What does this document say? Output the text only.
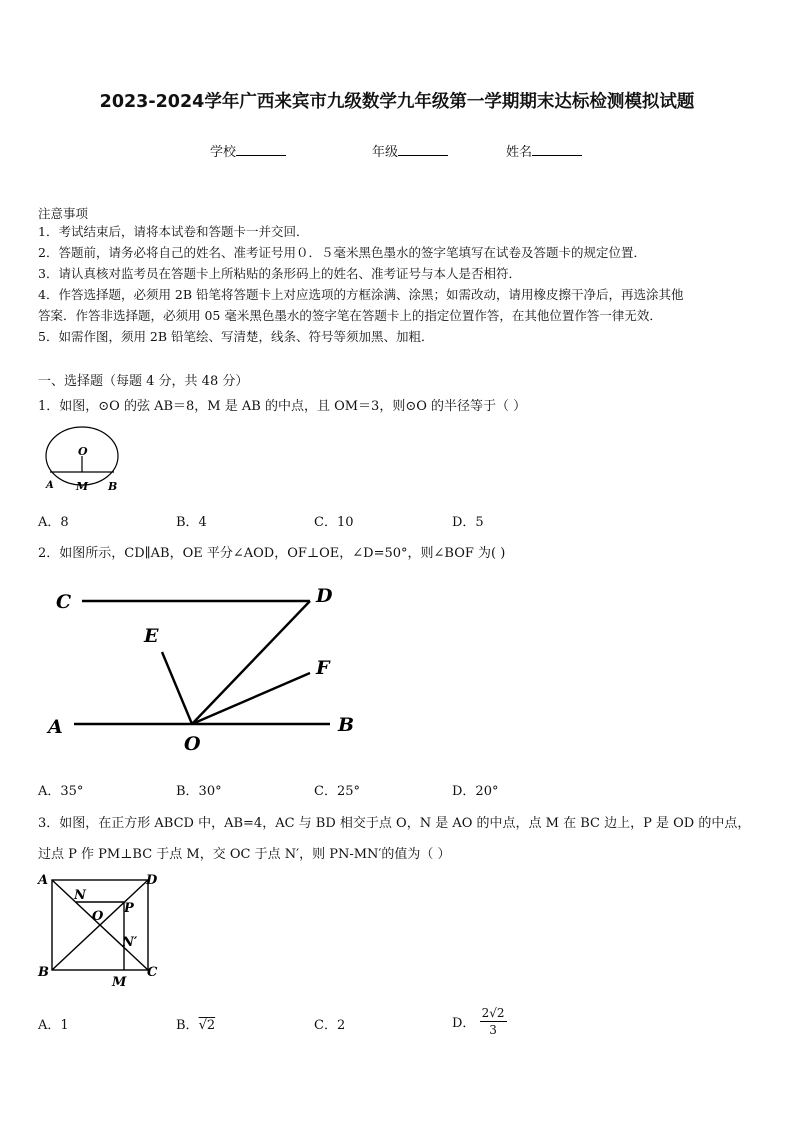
2023-2024学年广西来宾市九级数学九年级第一学期期末达标检测模拟试题
学校	年级	姓名
注意事项
1．考试结束后，请将本试卷和答题卡一并交回．
2．答题前，请务必将自己的姓名、准考证号用０．５毫米黑色墨水的签字笔填写在试卷及答题卡的规定位置．
3．请认真核对监考员在答题卡上所粘贴的条形码上的姓名、准考证号与本人是否相符．
4．作答选择题，必须用 2B 铅笔将答题卡上对应选项的方框涂满、涂黑；如需改动，请用橡皮擦干净后，再选涂其他
答案．作答非选择题，必须用 05 毫米黑色墨水的签字笔在答题卡上的指定位置作答，在其他位置作答一律无效．
5．如需作图，须用 2B 铅笔绘、写清楚，线条、符号等须加黑、加粗．
一、选择题（每题 4 分，共 48 分）
1．如图，⊙O 的弦 AB＝8，M 是 AB 的中点，且 OM＝3，则⊙O 的半径等于（ ）
O
A M B
A．8	B．4	C．10	D．5
2．如图所示，CD∥AB，OE 平分∠AOD，OF⊥OE，∠D=50°，则∠BOF 为( )
C	D
E
F
A	B
O
A．35°	B．30°	C．25°	D．20°
3．如图，在正方形 ABCD 中，AB=4，AC 与 BD 相交于点 O，N 是 AO 的中点，点 M 在 BC 边上，P 是 OD 的中点，
过点 P 作 PM⊥BC 于点 M，交 OC 于点 N′，则 PN-MN′的值为（ ）
A	D
N
P
O
N′
B	C
M
A．1	B．√2	C．2	D． $\frac{2√2}{3}$
